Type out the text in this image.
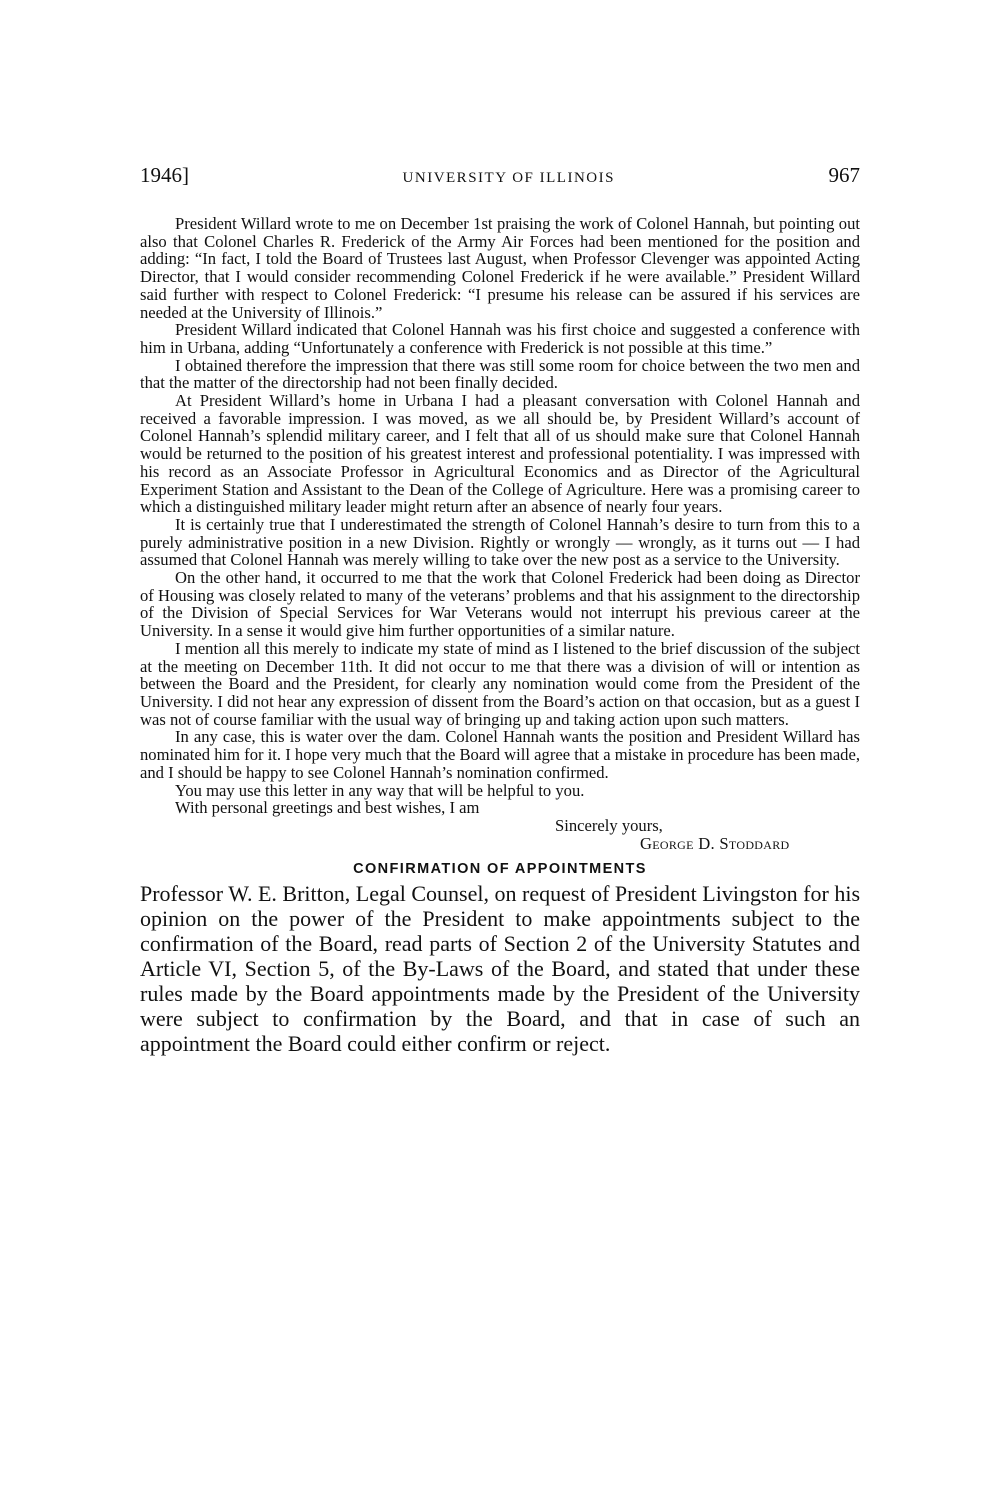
1946]	UNIVERSITY OF ILLINOIS	967

President Willard wrote to me on December 1st praising the work of Colonel Hannah, but pointing out also that Colonel Charles R. Frederick of the Army Air Forces had been mentioned for the position and adding: “In fact, I told the Board of Trustees last August, when Professor Clevenger was appointed Acting Director, that I would consider recommending Colonel Frederick if he were available.” President Willard said further with respect to Colonel Frederick: “I presume his release can be assured if his services are needed at the University of Illinois.”

President Willard indicated that Colonel Hannah was his first choice and suggested a conference with him in Urbana, adding “Unfortunately a conference with Frederick is not possible at this time.”

I obtained therefore the impression that there was still some room for choice between the two men and that the matter of the directorship had not been finally decided.

At President Willard’s home in Urbana I had a pleasant conversation with Colonel Hannah and received a favorable impression. I was moved, as we all should be, by President Willard’s account of Colonel Hannah’s splendid military career, and I felt that all of us should make sure that Colonel Hannah would be returned to the position of his greatest interest and professional potentiality. I was impressed with his record as an Associate Professor in Agricultural Economics and as Director of the Agricultural Experiment Station and Assistant to the Dean of the College of Agriculture. Here was a promising career to which a distinguished military leader might return after an absence of nearly four years.

It is certainly true that I underestimated the strength of Colonel Hannah’s desire to turn from this to a purely administrative position in a new Division. Rightly or wrongly — wrongly, as it turns out — I had assumed that Colonel Hannah was merely willing to take over the new post as a service to the University.

On the other hand, it occurred to me that the work that Colonel Frederick had been doing as Director of Housing was closely related to many of the veterans’ problems and that his assignment to the directorship of the Division of Special Services for War Veterans would not interrupt his previous career at the University. In a sense it would give him further opportunities of a similar nature.

I mention all this merely to indicate my state of mind as I listened to the brief discussion of the subject at the meeting on December 11th. It did not occur to me that there was a division of will or intention as between the Board and the President, for clearly any nomination would come from the President of the University. I did not hear any expression of dissent from the Board’s action on that occasion, but as a guest I was not of course familiar with the usual way of bringing up and taking action upon such matters.

In any case, this is water over the dam. Colonel Hannah wants the position and President Willard has nominated him for it. I hope very much that the Board will agree that a mistake in procedure has been made, and I should be happy to see Colonel Hannah’s nomination confirmed.

You may use this letter in any way that will be helpful to you.

With personal greetings and best wishes, I am

Sincerely yours,
George D. Stoddard
CONFIRMATION OF APPOINTMENTS

Professor W. E. Britton, Legal Counsel, on request of President Livingston for his opinion on the power of the President to make appointments subject to the confirmation of the Board, read parts of Section 2 of the University Statutes and Article VI, Section 5, of the By-Laws of the Board, and stated that under these rules made by the Board appointments made by the President of the University were subject to confirmation by the Board, and that in case of such an appointment the Board could either confirm or reject.
